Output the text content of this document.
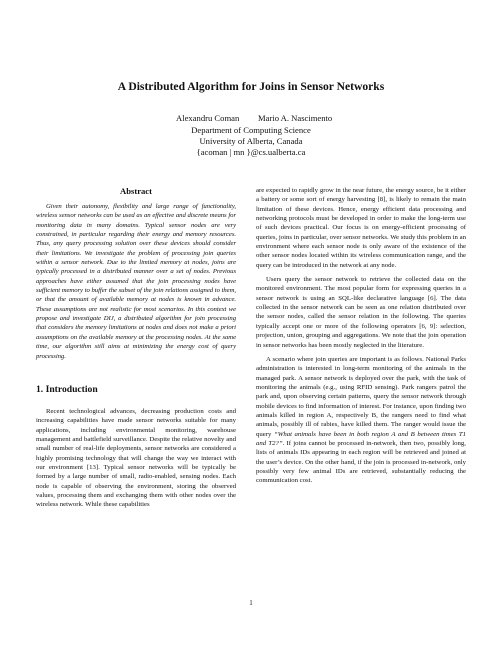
A Distributed Algorithm for Joins in Sensor Networks
Alexandru Coman Mario A. Nascimento
Department of Computing Science
University of Alberta, Canada
{acoman | mn }@cs.ualberta.ca
Abstract

Given their autonomy, flexibility and large range of functionality, wireless sensor networks can be used as an effective and discrete means for monitoring data in many domains. Typical sensor nodes are very constrained, in particular regarding their energy and memory resources. Thus, any query processing solution over these devices should consider their limitations. We investigate the problem of processing join queries within a sensor network. Due to the limited memory at nodes, joins are typically processed in a distributed manner over a set of nodes. Previous approaches have either assumed that the join processing nodes have sufficient memory to buffer the subset of the join relations assigned to them, or that the amount of available memory at nodes is known in advance. These assumptions are not realistic for most scenarios. In this context we propose and investigate DIJ, a distributed algorithm for join processing that considers the memory limitations at nodes and does not make a priori assumptions on the available memory at the processing nodes. At the same time, our algorithm still aims at minimizing the energy cost of query processing.

1. Introduction

Recent technological advances, decreasing production costs and increasing capabilities have made sensor networks suitable for many applications, including environmental monitoring, warehouse management and battlefield surveillance. Despite the relative novelty and small number of real-life deployments, sensor networks are considered a highly promising technology that will change the way we interact with our environment [13]. Typical sensor networks will be typically be formed by a large number of small, radio-enabled, sensing nodes. Each node is capable of observing the environment, storing the observed values, processing them and exchanging them with other nodes over the wireless network. While these capabilities

are expected to rapidly grow in the near future, the energy source, be it either a battery or some sort of energy harvesting [8], is likely to remain the main limitation of these devices. Hence, energy efficient data processing and networking protocols must be developed in order to make the long-term use of such devices practical. Our focus is on energy-efficient processing of queries, joins in particular, over sensor networks. We study this problem in an environment where each sensor node is only aware of the existence of the other sensor nodes located within its wireless communication range, and the query can be introduced in the network at any node.

Users query the sensor network to retrieve the collected data on the monitored environment. The most popular form for expressing queries in a sensor network is using an SQL-like declarative language [6]. The data collected in the sensor network can be seen as one relation distributed over the sensor nodes, called the sensor relation in the following. The queries typically accept one or more of the following operators [6, 9]: selection, projection, union, grouping and aggregations. We note that the join operation in sensor networks has been mostly neglected in the literature.

A scenario where join queries are important is as follows. National Parks administration is interested in long-term monitoring of the animals in the managed park. A sensor network is deployed over the park, with the task of monitoring the animals (e.g., using RFID sensing). Park rangers patrol the park and, upon observing certain patterns, query the sensor network through mobile devices to find information of interest. For instance, upon finding two animals killed in region A, respectively B, the rangers need to find what animals, possibly ill of rabies, have killed them. The ranger would issue the query “What animals have been in both region A and B between times T1 and T2?”. If joins cannot be processed in-network, then two, possibly long, lists of animals IDs appearing in each region will be retrieved and joined at the user’s device. On the other hand, if the join is processed in-network, only possibly very few animal IDs are retrieved, substantially reducing the communication cost.

1
